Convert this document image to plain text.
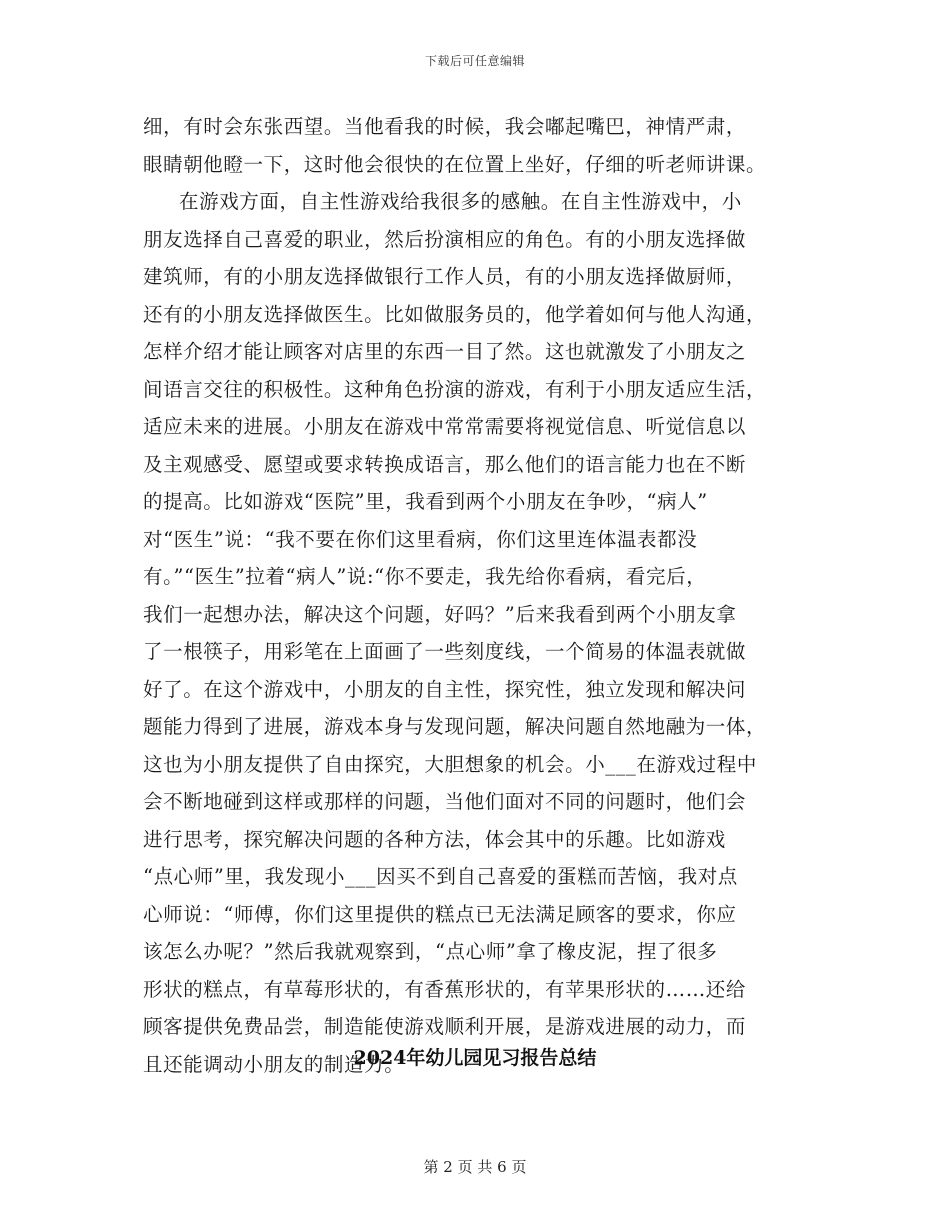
下载后可任意编辑
细，有时会东张西望。当他看我的时候，我会嘟起嘴巴，神情严肃，
眼睛朝他瞪一下，这时他会很快的在位置上坐好，仔细的听老师讲课。
在游戏方面，自主性游戏给我很多的感触。在自主性游戏中，小
朋友选择自己喜爱的职业，然后扮演相应的角色。有的小朋友选择做
建筑师，有的小朋友选择做银行工作人员，有的小朋友选择做厨师，
还有的小朋友选择做医生。比如做服务员的，他学着如何与他人沟通，
怎样介绍才能让顾客对店里的东西一目了然。这也就激发了小朋友之
间语言交往的积极性。这种角色扮演的游戏，有利于小朋友适应生活，
适应未来的进展。小朋友在游戏中常常需要将视觉信息、听觉信息以
及主观感受、愿望或要求转换成语言，那么他们的语言能力也在不断
的提高。比如游戏“医院”里，我看到两个小朋友在争吵，“病人”
对“医生”说：“我不要在你们这里看病，你们这里连体温表都没
有。”“医生”拉着“病人”说:“你不要走，我先给你看病，看完后，
我们一起想办法，解决这个问题，好吗？”后来我看到两个小朋友拿
了一根筷子，用彩笔在上面画了一些刻度线，一个简易的体温表就做
好了。在这个游戏中，小朋友的自主性，探究性，独立发现和解决问
题能力得到了进展，游戏本身与发现问题，解决问题自然地融为一体，
这也为小朋友提供了自由探究，大胆想象的机会。小___在游戏过程中
会不断地碰到这样或那样的问题，当他们面对不同的问题时，他们会
进行思考，探究解决问题的各种方法，体会其中的乐趣。比如游戏
“点心师”里，我发现小___因买不到自己喜爱的蛋糕而苦恼，我对点
心师说：“师傅，你们这里提供的糕点已无法满足顾客的要求，你应
该怎么办呢？”然后我就观察到，“点心师”拿了橡皮泥，捏了很多
形状的糕点，有草莓形状的，有香蕉形状的，有苹果形状的……还给
顾客提供免费品尝，制造能使游戏顺利开展，是游戏进展的动力，而
且还能调动小朋友的制造力。
2024年幼儿园见习报告总结
第 2 页 共 6 页
